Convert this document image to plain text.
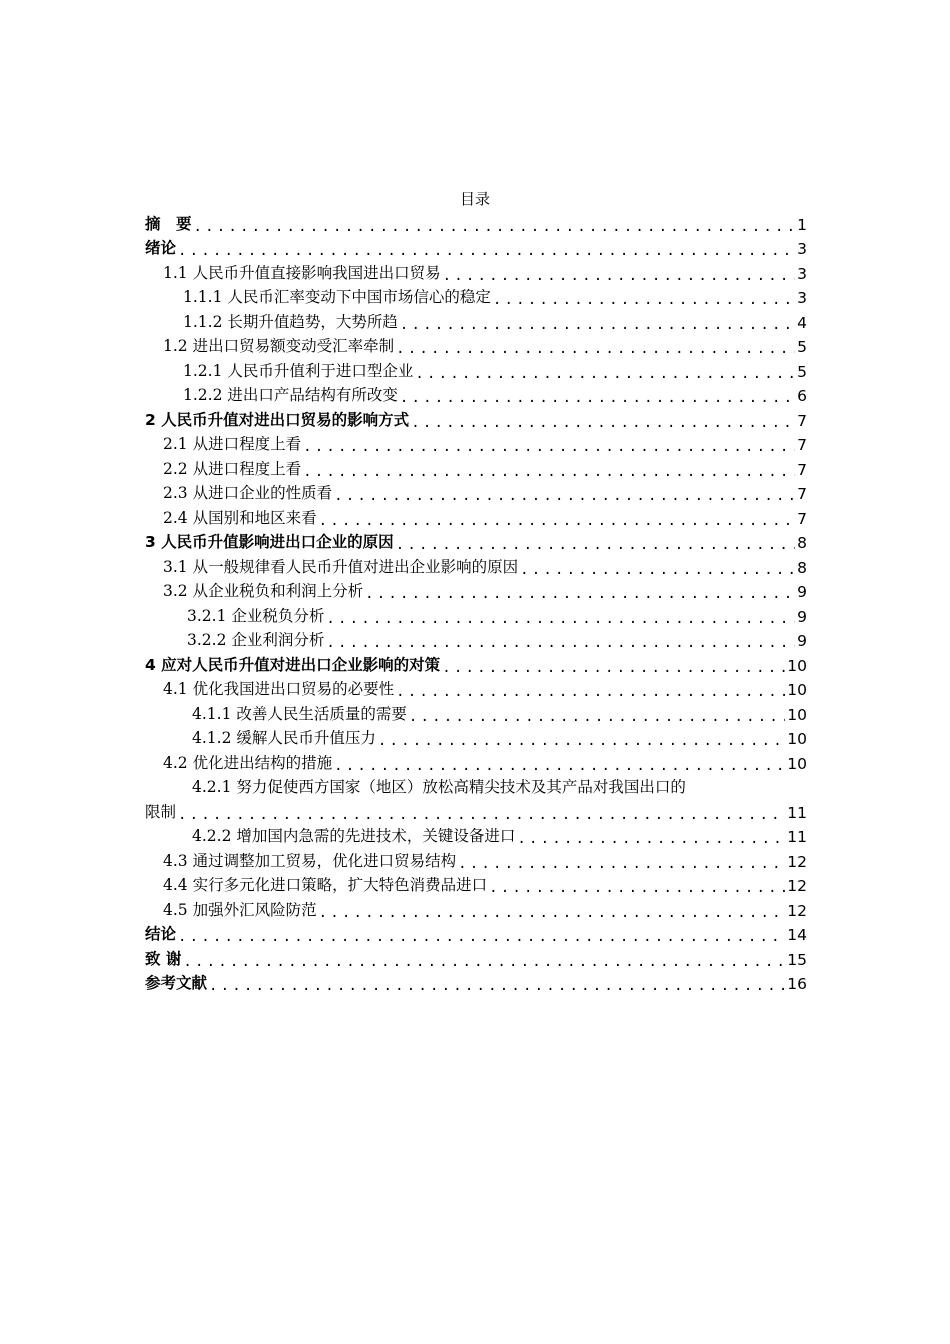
目录
摘　要 .....	1
绪论 .....	3
1.1 人民币升值直接影响我国进出口贸易 .....	3
1.1.1 人民币汇率变动下中国市场信心的稳定 .....	3
1.1.2 长期升值趋势，大势所趋 .....	4
1.2 进出口贸易额变动受汇率牵制 .....	5
1.2.1 人民币升值利于进口型企业 .....	5
1.2.2 进出口产品结构有所改变 .....	6
2 人民币升值对进出口贸易的影响方式 .....	7
2.1 从进口程度上看 .....	7
2.2 从进口程度上看 .....	7
2.3 从进口企业的性质看 .....	7
2.4 从国别和地区来看 .....	7
3 人民币升值影响进出口企业的原因 .....	8
3.1 从一般规律看人民币升值对进出企业影响的原因 .....	8
3.2 从企业税负和利润上分析 .....	9
3.2.1 企业税负分析 .....	9
3.2.2 企业利润分析 .....	9
4 应对人民币升值对进出口企业影响的对策 .....	10
4.1 优化我国进出口贸易的必要性 .....	10
4.1.1 改善人民生活质量的需要 .....	10
4.1.2 缓解人民币升值压力 .....	10
4.2 优化进出结构的措施 .....	10
4.2.1 努力促使西方国家（地区）放松高精尖技术及其产品对我国出口的
限制 .....	11
4.2.2 增加国内急需的先进技术，关键设备进口 .....	11
4.3 通过调整加工贸易，优化进口贸易结构 .....	12
4.4 实行多元化进口策略，扩大特色消费品进口 .....	12
4.5 加强外汇风险防范 .....	12
结论 .....	14
致 谢 .....	15
参考文献 .....	16
